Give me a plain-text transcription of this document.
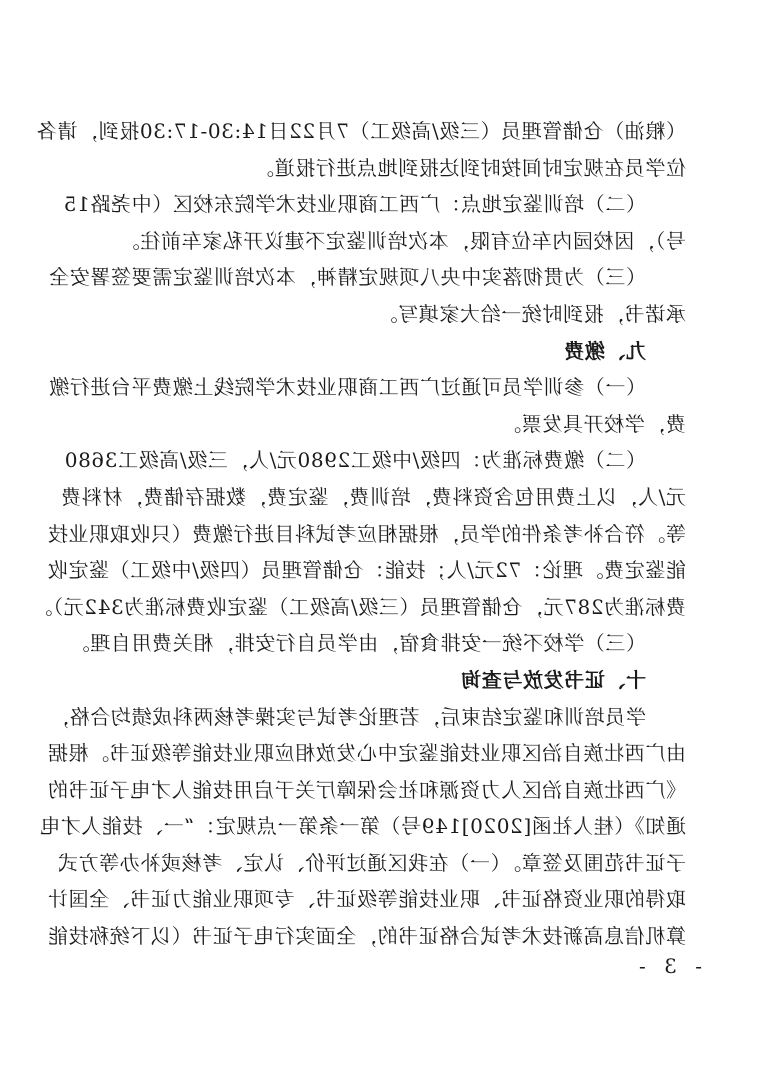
（粮油）仓储管理员（三级/高级工）7月22日14:30-17:30报到，请各
位学员在规定时间按时到达报到地点进行报道。
（二）培训鉴定地点：广西工商职业技术学院东校区（中尧路15
号），因校园内车位有限，本次培训鉴定不建议开私家车前往。
（三）为贯彻落实中央八项规定精神，本次培训鉴定需要签署安全
承诺书，报到时统一给大家填写。
九、缴费
（一）参训学员可通过广西工商职业技术学院线上缴费平台进行缴
费，学校开具发票。
（二）缴费标准为：四级/中级工2980元/人，三级/高级工3680
元/人，以上费用包含资料费，培训费，鉴定费，数据存储费，材料费
等。符合补考条件的学员，根据相应考试科目进行缴费（只收取职业技
能鉴定费。理论：72元/人；技能：仓储管理员（四级/中级工）鉴定收
费标准为287元，仓储管理员（三级/高级工）鉴定收费标准为342元）。
（三）学校不统一安排食宿，由学员自行安排，相关费用自理。
十、证书发放与查询
学员培训和鉴定结束后，若理论考试与实操考核两科成绩均合格，
由广西壮族自治区职业技能鉴定中心发放相应职业技能等级证书。根据
《广西壮族自治区人力资源和社会保障厅关于启用技能人才电子证书的
通知》（桂人社函[2020]149号）第一条第一点规定：“一、技能人才电
子证书范围及签章。（一）在我区通过评价、认定、考核或补办等方式
取得的职业资格证书、职业技能等级证书、专项职业能力证书、全国计
算机信息高新技术考试合格证书的，全面实行电子证书（以下统称技能
- 3 -
